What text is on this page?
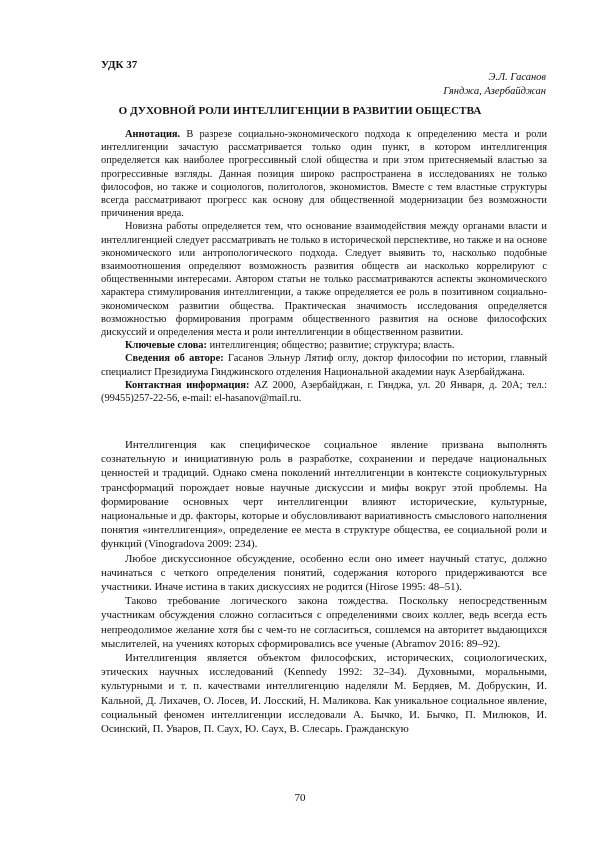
УДК 37
Э.Л. Гасанов
Гянджа, Азербайджан
О ДУХОВНОЙ РОЛИ ИНТЕЛЛИГЕНЦИИ В РАЗВИТИИ ОБЩЕСТВА

Аннотация. В разрезе социально-экономического подхода к определению места и роли интеллигенции зачастую рассматривается только один пункт, в котором интеллигенция определяется как наиболее прогрессивный слой общества и при этом притесняемый властью за прогрессивные взгляды. Данная позиция широко распространена в исследованиях не только философов, но также и социологов, политологов, экономистов. Вместе с тем властные структуры всегда рассматривают прогресс как основу для общественной модернизации без возможности причинения вреда.

Новизна работы определяется тем, что основание взаимодействия между органами власти и интеллигенцией следует рассматривать не только в исторической перспективе, но также и на основе экономического или антропологического подхода. Следует выявить то, насколько подобные взаимоотношения определяют возможность развития обществ аи насколько коррелируют с общественными интересами. Автором статьи не только рассматриваются аспекты экономического характера стимулирования интеллигенции, а также определяется ее роль в позитивном социально-экономическом развитии общества. Практическая значимость исследования определяется возможностью формирования программ общественного развития на основе философских дискуссий и определения места и роли интеллигенции в общественном развитии.

Ключевые слова: интеллигенция; общество; развитие; структура; власть.

Сведения об авторе: Гасанов Эльнур Лятиф оглу, доктор философии по истории, главный специалист Президиума Гянджинского отделения Национальной академии наук Азербайджана.

Контактная информация: AZ 2000, Азербайджан, г. Гянджа, ул. 20 Января, д. 20А; тел.: (99455)257-22-56, e-mail: el-hasanov@mail.ru.

Интеллигенция как специфическое социальное явление призвана выполнять сознательную и инициативную роль в разработке, сохранении и передаче национальных ценностей и традиций. Однако смена поколений интеллигенции в контексте социокультурных трансформаций порождает новые научные дискуссии и мифы вокруг этой проблемы. На формирование основных черт интеллигенции влияют исторические, культурные, национальные и др. факторы, которые и обусловливают вариативность смыслового наполнения понятия «интеллигенция», определение ее места в структуре общества, ее социальной роли и функций (Vinogradova 2009: 234).

Любое дискуссионное обсуждение, особенно если оно имеет научный статус, должно начинаться с четкого определения понятий, содержания которого придерживаются все участники. Иначе истина в таких дискуссиях не родится (Hirose 1995: 48–51).

Таково требование логического закона тождества. Поскольку непосредственным участникам обсуждения сложно согласиться с определениями своих коллег, ведь всегда есть непреодолимое желание хотя бы с чем-то не согласиться, сошлемся на авторитет выдающихся мыслителей, на учениях которых сформировались все ученые (Abramov 2016: 89–92).

Интеллигенция является объектом философских, исторических, социологических, этических научных исследований (Kennedy 1992: 32–34). Духовными, моральными, культурными и т. п. качествами интеллигенцию наделяли М. Бердяев, М. Добрускин, И. Кальной, Д. Лихачев, О. Лосев, И. Лосский, Н. Маликова. Как уникальное социальное явление, социальный феномен интеллигенции исследовали А. Бычко, И. Бычко, П. Милюков, И. Осинский, П. Уваров, П. Саух, Ю. Саух, В. Слесарь. Гражданскую

70
